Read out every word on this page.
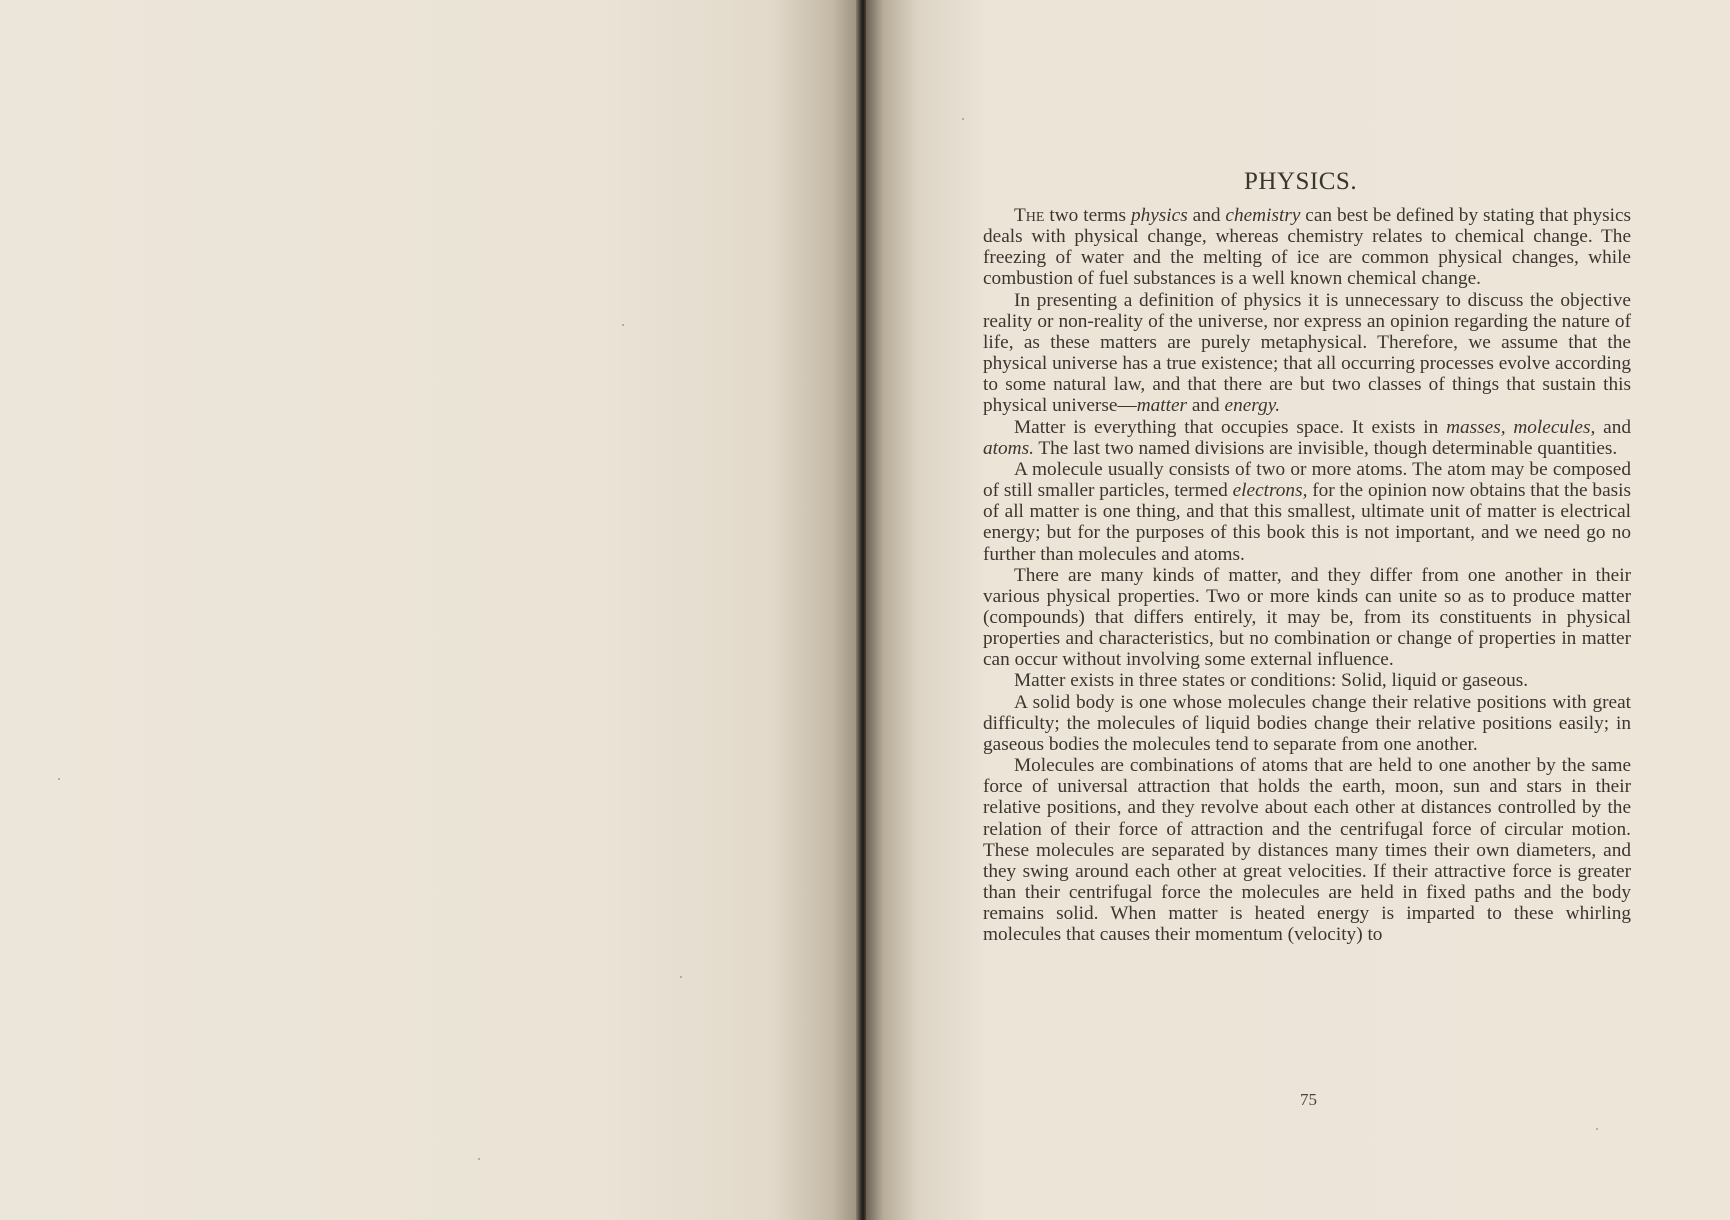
PHYSICS.

The two terms physics and chemistry can best be defined by stating that physics deals with physical change, whereas chemistry relates to chemical change. The freezing of water and the melting of ice are common physical changes, while combustion of fuel substances is a well known chemical change.

In presenting a definition of physics it is unnecessary to discuss the objective reality or non-reality of the universe, nor express an opinion regarding the nature of life, as these matters are purely metaphysical. Therefore, we assume that the physical universe has a true existence; that all occurring processes evolve according to some natural law, and that there are but two classes of things that sustain this physical universe—matter and energy.

Matter is everything that occupies space. It exists in masses, molecules, and atoms. The last two named divisions are invisible, though determinable quantities.

A molecule usually consists of two or more atoms. The atom may be composed of still smaller particles, termed electrons, for the opinion now obtains that the basis of all matter is one thing, and that this smallest, ultimate unit of matter is electrical energy; but for the purposes of this book this is not important, and we need go no further than molecules and atoms.

There are many kinds of matter, and they differ from one another in their various physical properties. Two or more kinds can unite so as to produce matter (compounds) that differs entirely, it may be, from its constituents in physical properties and characteristics, but no combination or change of properties in matter can occur without involving some external influence.

Matter exists in three states or conditions: Solid, liquid or gaseous.

A solid body is one whose molecules change their relative positions with great difficulty; the molecules of liquid bodies change their relative positions easily; in gaseous bodies the molecules tend to separate from one another.

Molecules are combinations of atoms that are held to one another by the same force of universal attraction that holds the earth, moon, sun and stars in their relative positions, and they revolve about each other at distances controlled by the relation of their force of attraction and the centrifugal force of circular motion. These molecules are separated by distances many times their own diameters, and they swing around each other at great velocities. If their attractive force is greater than their centrifugal force the molecules are held in fixed paths and the body remains solid. When matter is heated energy is imparted to these whirling molecules that causes their momentum (velocity) to

75
